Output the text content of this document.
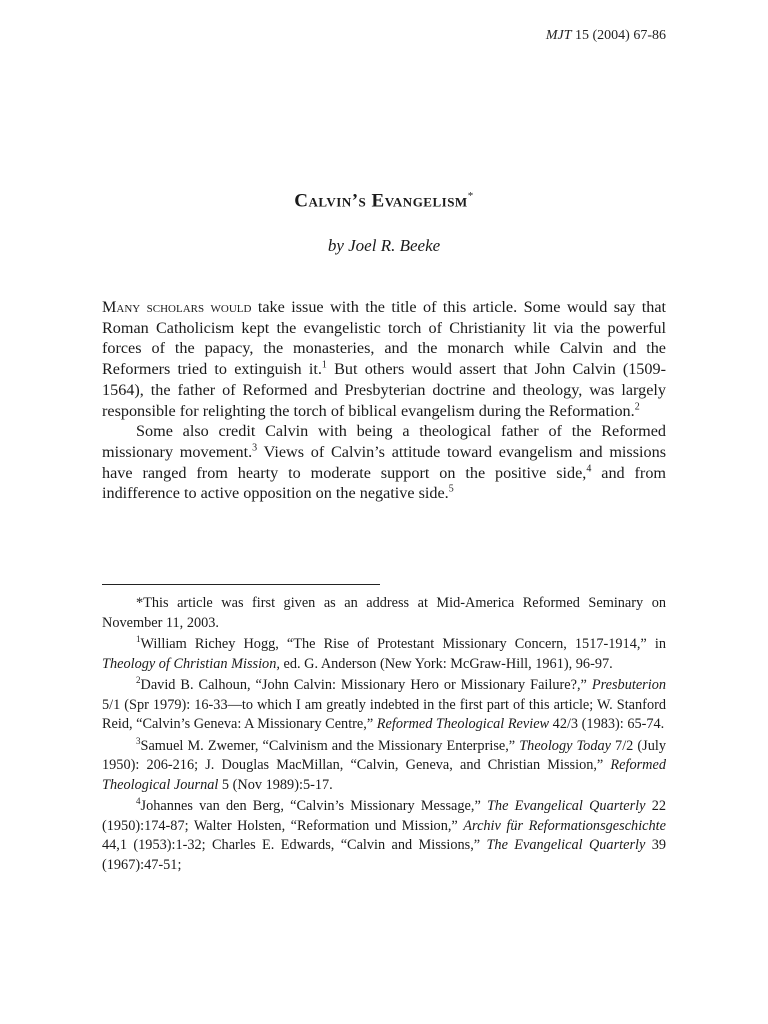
MJT 15 (2004) 67-86
Calvin’s Evangelism*
by Joel R. Beeke

Many scholars would take issue with the title of this article. Some would say that Roman Catholicism kept the evangelistic torch of Christianity lit via the powerful forces of the papacy, the monasteries, and the monarch while Calvin and the Reformers tried to extinguish it.$^1$ But others would assert that John Calvin (1509-1564), the father of Reformed and Presbyterian doctrine and theology, was largely responsible for relighting the torch of biblical evangelism during the Reformation.$^2$

Some also credit Calvin with being a theological father of the Reformed missionary movement.$^3$ Views of Calvin’s attitude toward evangelism and missions have ranged from hearty to moderate support on the positive side,$^4$ and from indifference to active opposition on the negative side.$^5$

*This article was first given as an address at Mid-America Reformed Seminary on November 11, 2003.

$^1$William Richey Hogg, “The Rise of Protestant Missionary Concern, 1517-1914,” in Theology of Christian Mission, ed. G. Anderson (New York: McGraw-Hill, 1961), 96-97.

$^2$David B. Calhoun, “John Calvin: Missionary Hero or Missionary Failure?,” Presbuterion 5/1 (Spr 1979): 16-33—to which I am greatly indebted in the first part of this article; W. Stanford Reid, “Calvin’s Geneva: A Missionary Centre,” Reformed Theological Review 42/3 (1983): 65-74.

$^3$Samuel M. Zwemer, “Calvinism and the Missionary Enterprise,” Theology Today 7/2 (July 1950): 206-216; J. Douglas MacMillan, “Calvin, Geneva, and Christian Mission,” Reformed Theological Journal 5 (Nov 1989):5-17.

$^4$Johannes van den Berg, “Calvin’s Missionary Message,” The Evangelical Quarterly 22 (1950):174-87; Walter Holsten, “Reformation und Mission,” Archiv für Reformationsgeschichte 44,1 (1953):1-32; Charles E. Edwards, “Calvin and Missions,” The Evangelical Quarterly 39 (1967):47-51;
